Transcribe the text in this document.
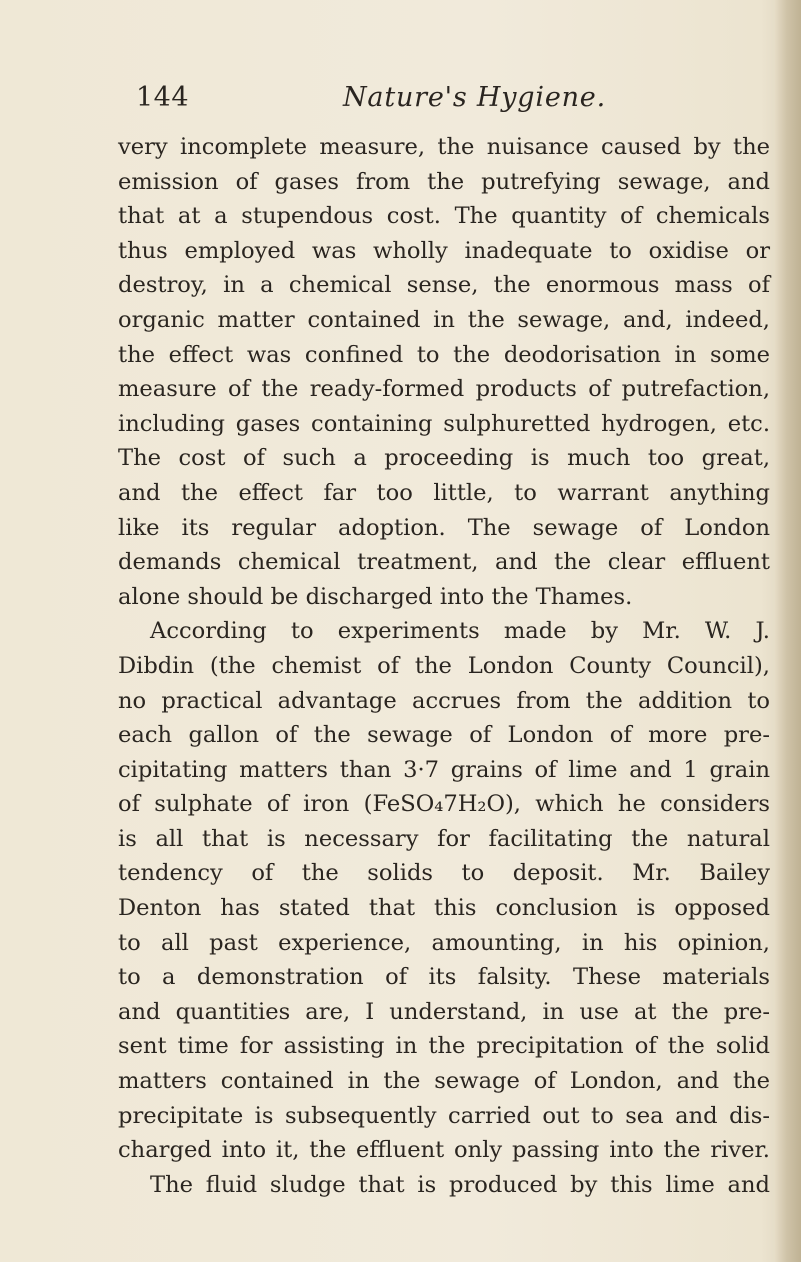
144	Nature's Hygiene.
very incomplete measure, the nuisance caused by the
emission of gases from the putrefying sewage, and
that at a stupendous cost. The quantity of chemicals
thus employed was wholly inadequate to oxidise or
destroy, in a chemical sense, the enormous mass of
organic matter contained in the sewage, and, indeed,
the effect was confined to the deodorisation in some
measure of the ready-formed products of putrefaction,
including gases containing sulphuretted hydrogen, etc.
The cost of such a proceeding is much too great,
and the effect far too little, to warrant anything
like its regular adoption. The sewage of London
demands chemical treatment, and the clear effluent
alone should be discharged into the Thames.
According to experiments made by Mr. W. J.
Dibdin (the chemist of the London County Council),
no practical advantage accrues from the addition to
each gallon of the sewage of London of more pre-
cipitating matters than 3·7 grains of lime and 1 grain
of sulphate of iron (FeSO₄7H₂O), which he considers
is all that is necessary for facilitating the natural
tendency of the solids to deposit. Mr. Bailey
Denton has stated that this conclusion is opposed
to all past experience, amounting, in his opinion,
to a demonstration of its falsity. These materials
and quantities are, I understand, in use at the pre-
sent time for assisting in the precipitation of the solid
matters contained in the sewage of London, and the
precipitate is subsequently carried out to sea and dis-
charged into it, the effluent only passing into the river.
The fluid sludge that is produced by this lime and
